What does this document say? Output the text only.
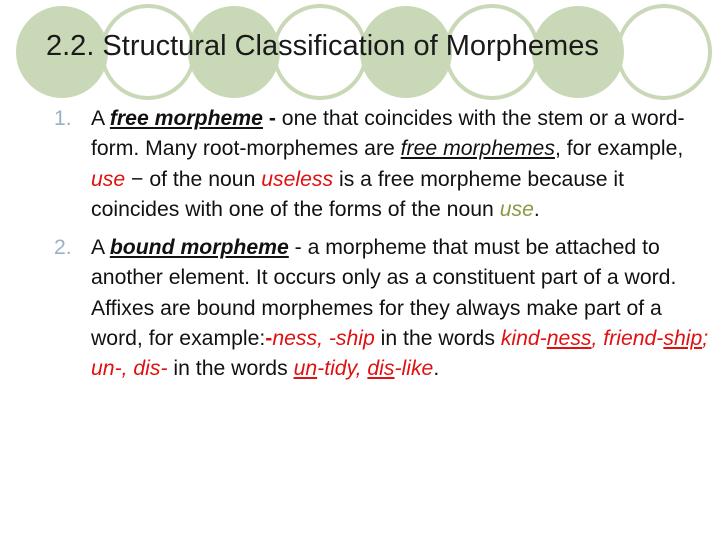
2.2. Structural Classification of Morphemes
1. A free morpheme - one that coincides with the stem or a word-form. Many root-morphemes are free morphemes, for example, use − of the noun useless is a free morpheme because it coincides with one of the forms of the noun use.
2. A bound morpheme - a morpheme that must be attached to another element. It occurs only as a constituent part of a word. Affixes are bound morphemes for they always make part of a word, for example:-ness, -ship in the words kind-ness, friend-ship; un-, dis- in the words un-tidy, dis-like.
